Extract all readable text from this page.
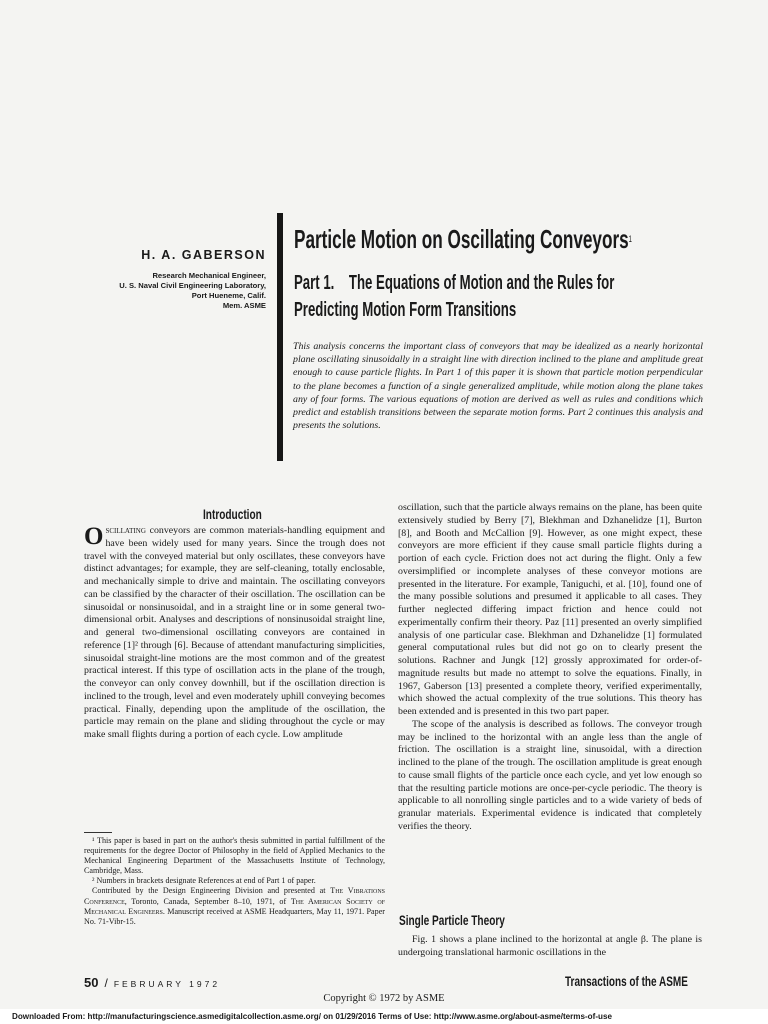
H. A. GABERSON
Research Mechanical Engineer,
U. S. Naval Civil Engineering Laboratory,
Port Hueneme, Calif.
Mem. ASME
Particle Motion on Oscillating Conveyors$^1$
Part 1. The Equations of Motion and the Rules for
Predicting Motion Form Transitions

This analysis concerns the important class of conveyors that may be idealized as a nearly horizontal plane oscillating sinusoidally in a straight line with direction inclined to the plane and amplitude great enough to cause particle flights. In Part 1 of this paper it is shown that particle motion perpendicular to the plane becomes a function of a single generalized amplitude, while motion along the plane takes any of four forms. The various equations of motion are derived as well as rules and conditions which predict and establish transitions between the separate motion forms. Part 2 continues this analysis and presents the solutions.

Introduction

Oscillating conveyors are common materials-handling equipment and have been widely used for many years. Since the trough does not travel with the conveyed material but only oscillates, these conveyors have distinct advantages; for example, they are self-cleaning, totally enclosable, and mechanically simple to drive and maintain. The oscillating conveyors can be classified by the character of their oscillation. The oscillation can be sinusoidal or nonsinusoidal, and in a straight line or in some general two-dimensional orbit. Analyses and descriptions of nonsinusoidal straight line, and general two-dimensional oscillating conveyors are contained in reference [1]² through [6]. Because of attendant manufacturing simplicities, sinusoidal straight-line motions are the most common and of the greatest practical interest. If this type of oscillation acts in the plane of the trough, the conveyor can only convey downhill, but if the oscillation direction is inclined to the trough, level and even moderately uphill conveying becomes practical. Finally, depending upon the amplitude of the oscillation, the particle may remain on the plane and sliding throughout the cycle or may make small flights during a portion of each cycle. Low amplitude

¹ This paper is based in part on the author's thesis submitted in partial fulfillment of the requirements for the degree Doctor of Philosophy in the field of Applied Mechanics to the Mechanical Engineering Department of the Massachusetts Institute of Technology, Cambridge, Mass.

² Numbers in brackets designate References at end of Part 1 of paper.

Contributed by the Design Engineering Division and presented at The Vibrations Conference, Toronto, Canada, September 8–10, 1971, of The American Society of Mechanical Engineers. Manuscript received at ASME Headquarters, May 11, 1971. Paper No. 71-Vibr-15.

oscillation, such that the particle always remains on the plane, has been quite extensively studied by Berry [7], Blekhman and Dzhanelidze [1], Burton [8], and Booth and McCallion [9]. However, as one might expect, these conveyors are more efficient if they cause small particle flights during a portion of each cycle. Friction does not act during the flight. Only a few oversimplified or incomplete analyses of these conveyor motions are presented in the literature. For example, Taniguchi, et al. [10], found one of the many possible solutions and presumed it applicable to all cases. They further neglected differing impact friction and hence could not experimentally confirm their theory. Paz [11] presented an overly simplified analysis of one particular case. Blekhman and Dzhanelidze [1] formulated general computational rules but did not go on to clearly present the solutions. Rachner and Jungk [12] grossly approximated for order-of-magnitude results but made no attempt to solve the equations. Finally, in 1967, Gaberson [13] presented a complete theory, verified experimentally, which showed the actual complexity of the true solutions. This theory has been extended and is presented in this two part paper.

The scope of the analysis is described as follows. The conveyor trough may be inclined to the horizontal with an angle less than the angle of friction. The oscillation is a straight line, sinusoidal, with a direction inclined to the plane of the trough. The oscillation amplitude is great enough to cause small flights of the particle once each cycle, and yet low enough so that the resulting particle motions are once-per-cycle periodic. The theory is applicable to all nonrolling single particles and to a wide variety of beds of granular materials. Experimental evidence is indicated that completely verifies the theory.

Single Particle Theory

Fig. 1 shows a plane inclined to the horizontal at angle β. The plane is undergoing translational harmonic oscillations in the

50 / FEBRUARY 1972	Transactions of the ASME
Copyright © 1972 by ASME
Downloaded From: http://manufacturingscience.asmedigitalcollection.asme.org/ on 01/29/2016 Terms of Use: http://www.asme.org/about-asme/terms-of-use
